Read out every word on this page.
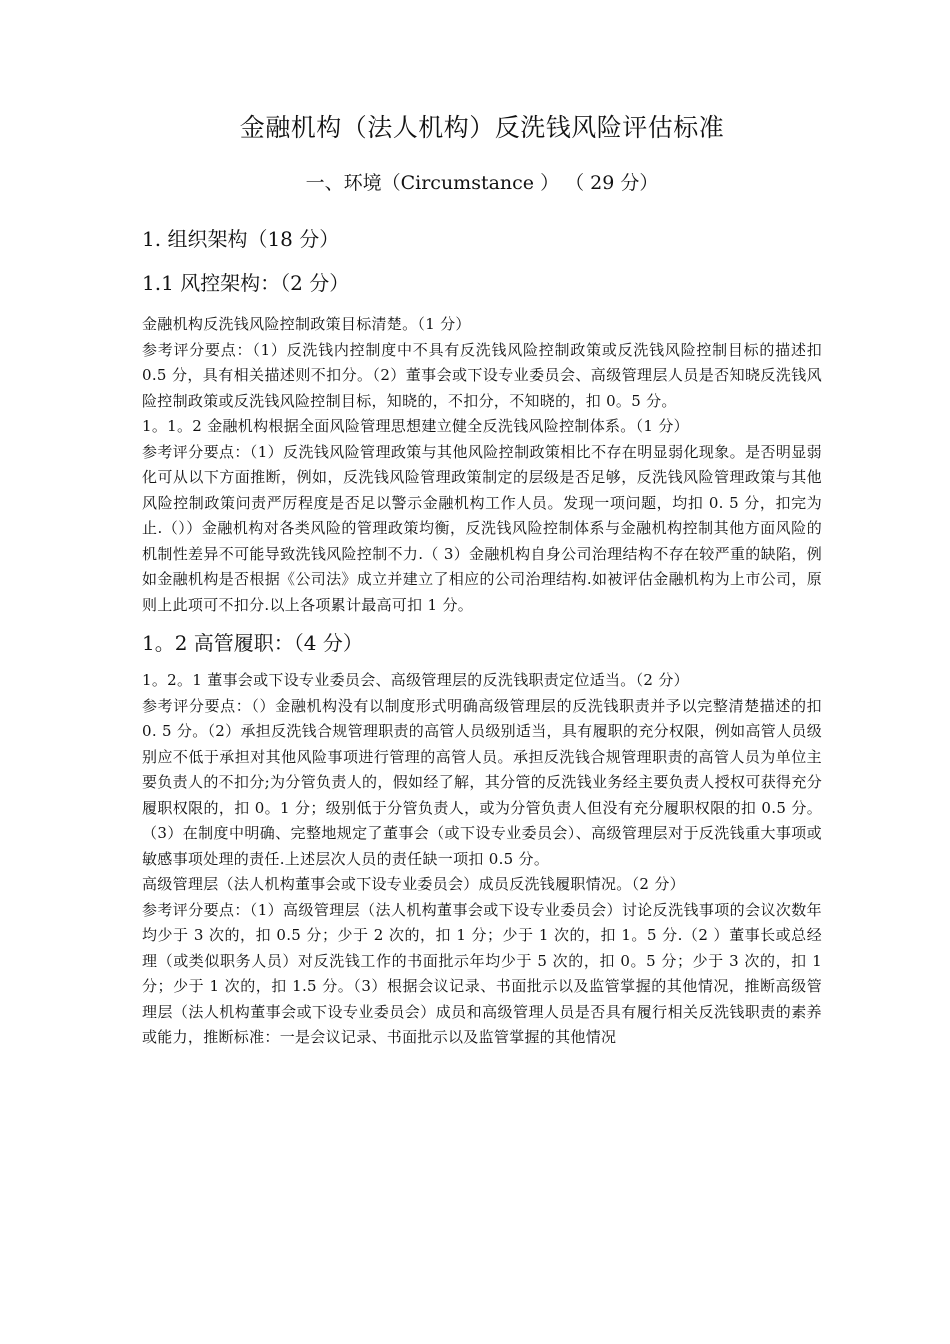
金融机构（法人机构）反洗钱风险评估标准
一、环境（Circumstance ） （ 29 分）
1. 组织架构（18 分）
1.1 风控架构：（2 分）

金融机构反洗钱风险控制政策目标清楚。（1 分）

参考评分要点：（1）反洗钱内控制度中不具有反洗钱风险控制政策或反洗钱风险控制目标的描述扣 0.5 分，具有相关描述则不扣分。（2）董事会或下设专业委员会、高级管理层人员是否知晓反洗钱风险控制政策或反洗钱风险控制目标，知晓的，不扣分，不知晓的，扣 0。5 分。

1。1。2 金融机构根据全面风险管理思想建立健全反洗钱风险控制体系。（1 分）

参考评分要点：（1）反洗钱风险管理政策与其他风险控制政策相比不存在明显弱化现象。是否明显弱化可从以下方面推断，例如，反洗钱风险管理政策制定的层级是否足够，反洗钱风险管理政策与其他风险控制政策问责严厉程度是否足以警示金融机构工作人员。发现一项问题，均扣 0. 5 分，扣完为止.（））金融机构对各类风险的管理政策均衡，反洗钱风险控制体系与金融机构控制其他方面风险的机制性差异不可能导致洗钱风险控制不力.（ 3）金融机构自身公司治理结构不存在较严重的缺陷，例如金融机构是否根据《公司法》成立并建立了相应的公司治理结构.如被评估金融机构为上市公司，原则上此项可不扣分.以上各项累计最高可扣 1 分。

1。2 高管履职：（4 分）

1。2。1 董事会或下设专业委员会、高级管理层的反洗钱职责定位适当。（2 分）

参考评分要点：（）金融机构没有以制度形式明确高级管理层的反洗钱职责并予以完整清楚描述的扣 0. 5 分。（2）承担反洗钱合规管理职责的高管人员级别适当，具有履职的充分权限，例如高管人员级别应不低于承担对其他风险事项进行管理的高管人员。承担反洗钱合规管理职责的高管人员为单位主要负责人的不扣分;为分管负责人的，假如经了解，其分管的反洗钱业务经主要负责人授权可获得充分履职权限的，扣 0。1 分；级别低于分管负责人，或为分管负责人但没有充分履职权限的扣 0.5 分。（3）在制度中明确、完整地规定了董事会（或下设专业委员会）、高级管理层对于反洗钱重大事项或敏感事项处理的责任.上述层次人员的责任缺一项扣 0.5 分。

高级管理层（法人机构董事会或下设专业委员会）成员反洗钱履职情况。（2 分）

参考评分要点：（1）高级管理层（法人机构董事会或下设专业委员会）讨论反洗钱事项的会议次数年均少于 3 次的，扣 0.5 分；少于 2 次的，扣 1 分；少于 1 次的，扣 1。5 分.（2 ）董事长或总经理（或类似职务人员）对反洗钱工作的书面批示年均少于 5 次的，扣 0。5 分；少于 3 次的，扣 1 分；少于 1 次的，扣 1.5 分。（3）根据会议记录、书面批示以及监管掌握的其他情况，推断高级管理层（法人机构董事会或下设专业委员会）成员和高级管理人员是否具有履行相关反洗钱职责的素养或能力，推断标准：一是会议记录、书面批示以及监管掌握的其他情况
